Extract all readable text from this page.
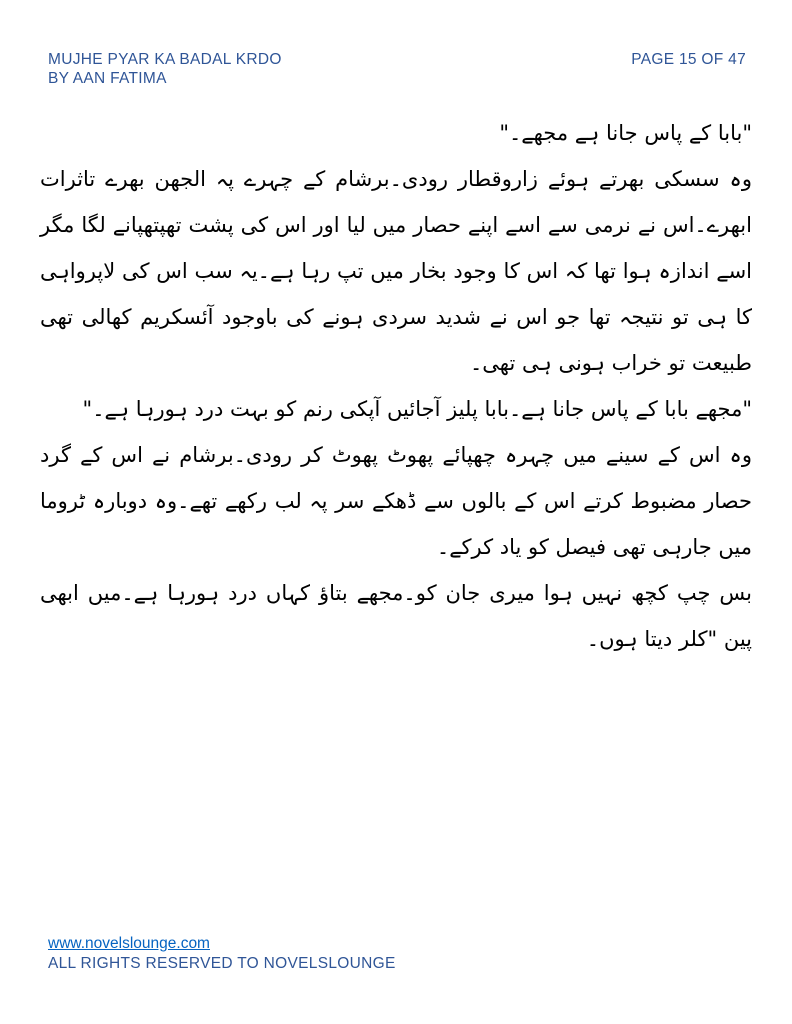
MUJHE PYAR KA BADAL KRDO
BY AAN FATIMA
PAGE 15 OF 47

"بابا کے پاس جانا ہے مجھے۔"

وہ سسکی بھرتے ہوئے زاروقطار رودی۔برشام کے چہرے پہ الجھن بھرے تاثرات ابھرے۔اس نے نرمی سے اسے اپنے حصار میں لیا اور اس کی پشت تھپتھپانے لگا مگر اسے اندازہ ہوا تھا کہ اس کا وجود بخار میں تپ رہا ہے۔یہ سب اس کی لاپرواہی کا ہی تو نتیجہ تھا جو اس نے شدید سردی ہونے کی باوجود آئسکریم کھالی تھی طبیعت تو خراب ہونی ہی تھی۔

"مجھے بابا کے پاس جانا ہے۔بابا پلیز آجائیں آپکی رنم کو بہت درد ہورہا ہے۔"

وہ اس کے سینے میں چہرہ چھپائے پھوٹ پھوٹ کر رودی۔برشام نے اس کے گرد حصار مضبوط کرتے اس کے بالوں سے ڈھکے سر پہ لب رکھے تھے۔وہ دوبارہ ٹروما میں جارہی تھی فیصل کو یاد کرکے۔

بس چپ کچھ نہیں ہوا میری جان کو۔مجھے بتاؤ کہاں درد ہورہا ہے۔میں ابھی پین "کلر دیتا ہوں۔

www.novelslounge.com
ALL RIGHTS RESERVED TO NOVELSLOUNGE
